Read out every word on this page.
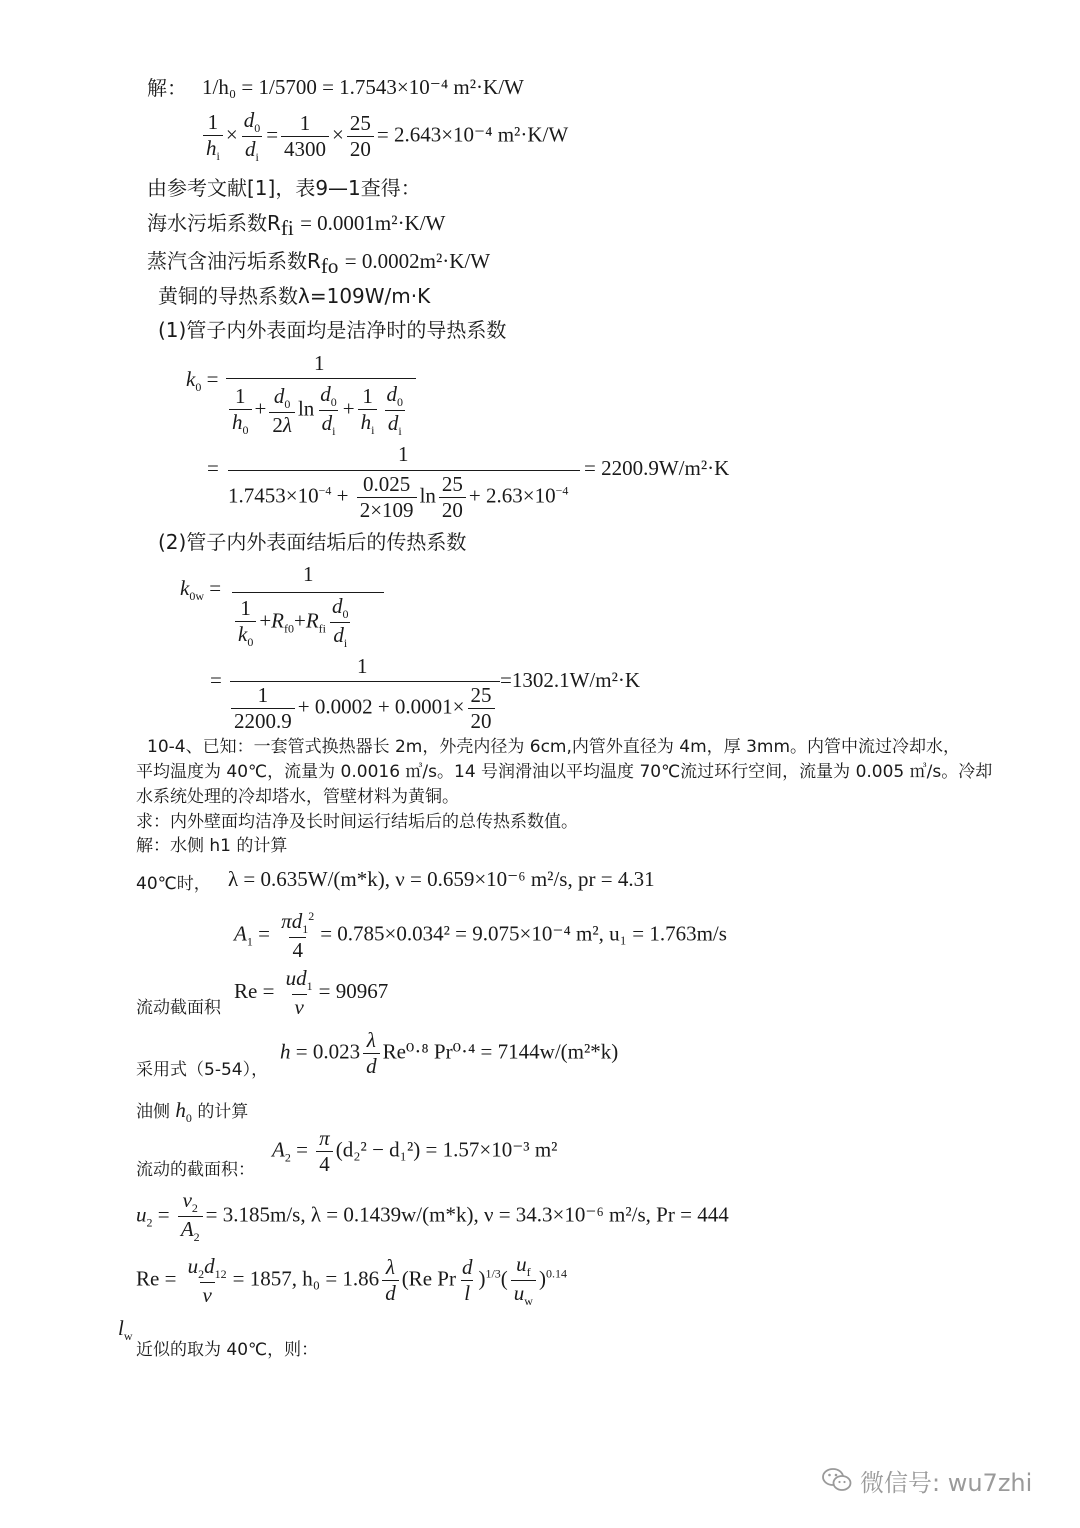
解： 1/h₀ = 1/5700 = 1.7543×10⁻⁴ m²·K/W
$\frac{1}{h_i} \times \frac{d_0}{d_i} = \frac{1}{4300} \times \frac{25}{20} = 2.643\times 10^{-4}$ m²·K/W
由参考文献[1]，表9—1查得：
海水污垢系数$R_{fi} = 0.0001m^2\cdot K/W$
蒸汽含油污垢系数$R_{fo} = 0.0002m^2\cdot K/W$
黄铜的导热系数λ=109W/m·K
(1)管子内外表面均是洁净时的导热系数
$k_0$ =
1
$\frac{1}{h_0} + \frac{d_0}{2\lambda}$ $\ln \frac{d_0}{d_i} + \frac{1}{h_i} \frac{d_0}{d_i}$
=
1
$1.7453\times 10^{-4} + \frac{0.025}{2\times 109}$ $\ln \frac{25}{20} + 2.63\times 10^{-4}$
= 2200.9W/m²·K
(2)管子内外表面结垢后的传热系数
$k_{0w}$ =
1
$\frac{1}{k_0} +R_{f0}+R_{fi} \frac{d_0}{d_i}$
=
1
$\frac{1}{2200.9} + 0.0002 + 0.0001\times \frac{25}{20}$
=1302.1W/m²·K
10-4、已知：一套管式换热器长 2m，外壳内径为 6cm,内管外直径为 4m，厚 3mm。内管中流过冷却水，
平均温度为 40℃，流量为 0.0016 ㎥/s。14 号润滑油以平均温度 70℃流过环行空间，流量为 0.005 ㎥/s。冷却
水系统处理的冷却塔水，管壁材料为黄铜。
求：内外壁面均洁净及长时间运行结垢后的总传热系数值。
解：水侧 h1 的计算
40℃时， λ = 0.635W/(m*k), ν = 0.659×10⁻⁶ m²/s, pr = 4.31
$A_1 = \frac{\pi d_1^2}{4} = 0.785\times 0.034^2 = 9.075\times 10^{-4}$ m², u₁ = 1.763m/s
$Re = \frac{ud_1}{\nu} = 90967$
流动截面积
$h = 0.023 \frac{\lambda}{d} Re^0\cdot^8$ Pr⁰·⁴ = 7144w/(m²*k)
采用式（5-54），
油侧 $h_0$ 的计算
$A_2 = \frac{\pi}{4} (d_2^2 - d_1^2) = 1.57\times 10^{-3}$ m²
流动的截面积：
$u_2 = \frac{v_2}{A_2} = 3.185m/s$, λ = 0.1439w/(m*k), ν = 34.3×10⁻⁶ m²/s, Pr = 444
$Re = \frac{u_2d_{12}}{\nu} = 1857$, $h_0 = 1.86 \frac{\lambda}{d} (Re$ Pr $\frac{d}{l} )^{1/3}( \frac{u_f}{u_w} )^{0.14}$
$l_w$
近似的取为 40℃，则：
微信号: wu7zhi
